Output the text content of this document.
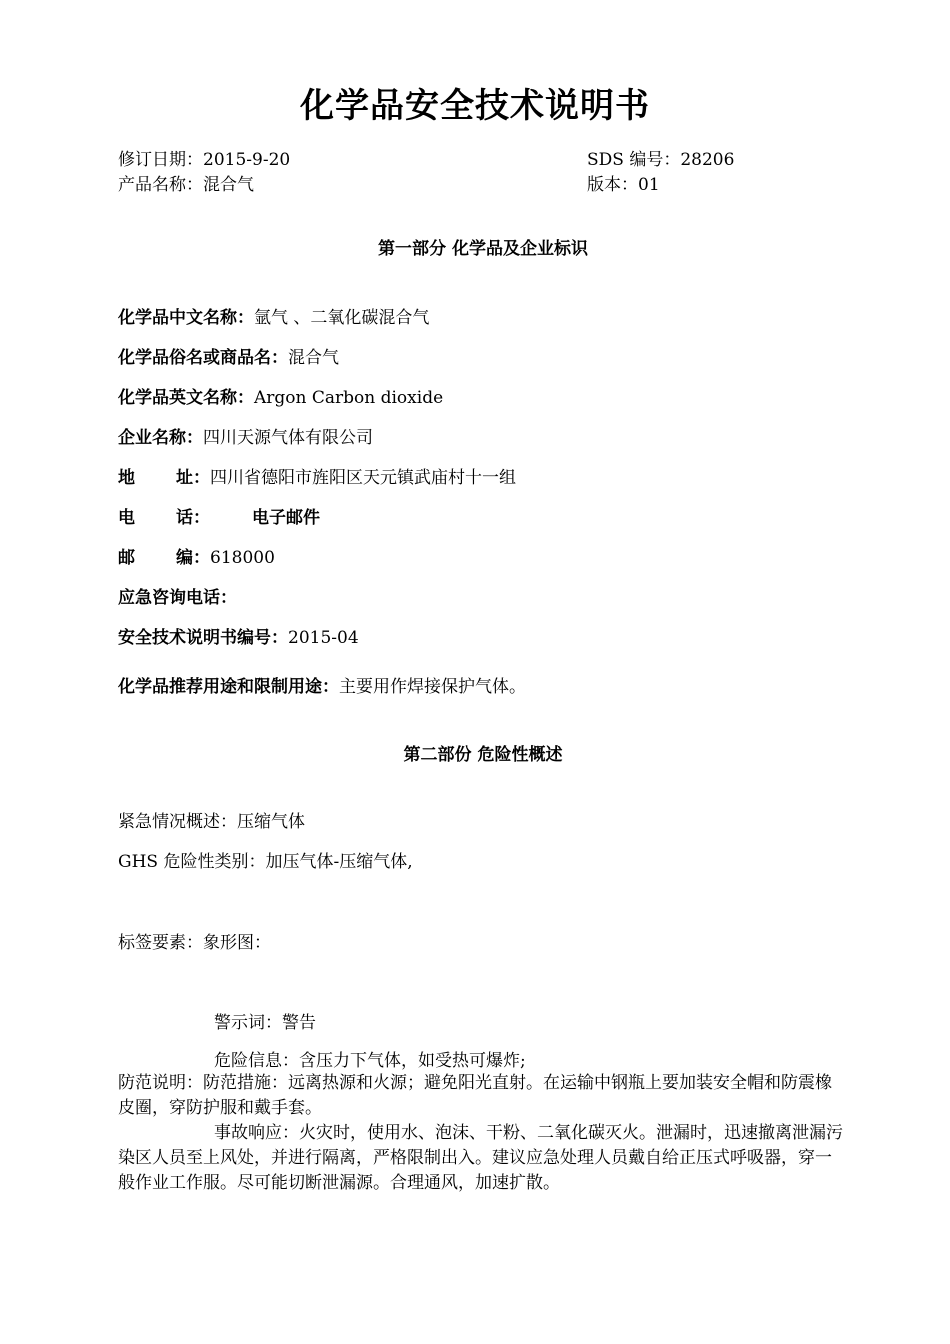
化学品安全技术说明书
修订日期：2015-9-20	SDS 编号：28206
产品名称：混合气	版本：01
第一部分 化学品及企业标识
化学品中文名称：氩气 、二氧化碳混合气
化学品俗名或商品名：混合气
化学品英文名称：Argon Carbon dioxide
企业名称：四川天源气体有限公司
地 址：四川省德阳市旌阳区天元镇武庙村十一组
电 话： 电子邮件
邮 编：618000
应急咨询电话：
安全技术说明书编号：2015-04
化学品推荐用途和限制用途：主要用作焊接保护气体。
第二部份 危险性概述
紧急情况概述：压缩气体
GHS 危险性类别：加压气体-压缩气体,
标签要素：象形图：
警示词：警告
危险信息：含压力下气体，如受热可爆炸;
防范说明：防范措施：远离热源和火源；避免阳光直射。在运输中钢瓶上要加装安全帽和防震橡皮圈，穿防护服和戴手套。
事故响应：火灾时，使用水、泡沫、干粉、二氧化碳灭火。泄漏时，迅速撤离泄漏污染区人员至上风处，并进行隔离，严格限制出入。建议应急处理人员戴自给正压式呼吸器，穿一般作业工作服。尽可能切断泄漏源。合理通风，加速扩散。
